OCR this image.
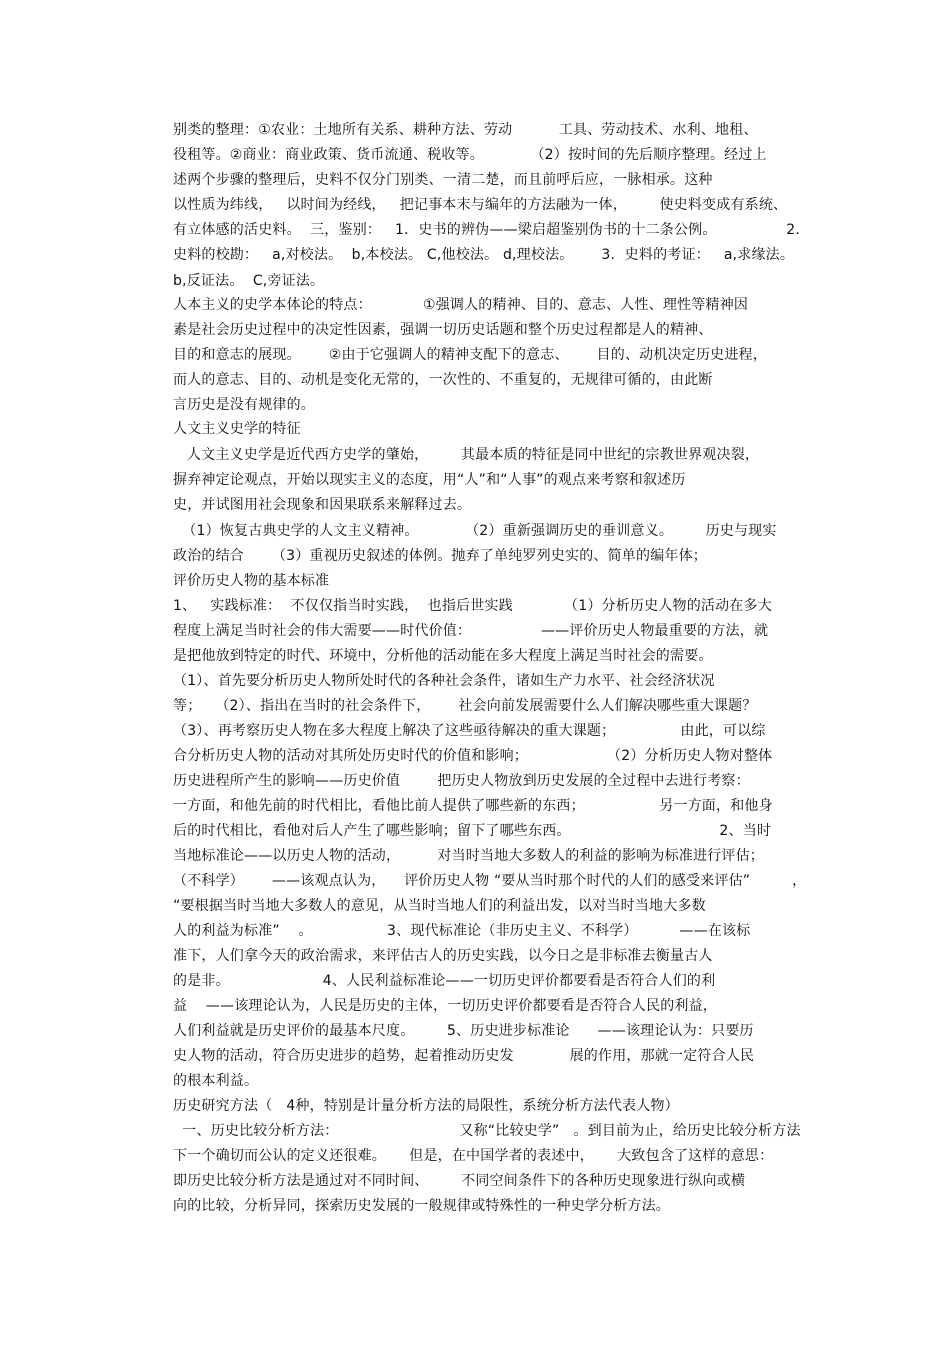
别类的整理：①农业：土地所有关系、耕种方法、劳动          工具、劳动技术、水利、地租、
役租等。②商业：商业政策、货币流通、税收等。          （2）按时间的先后顺序整理。经过上
述两个步骤的整理后，史料不仅分门别类、一清二楚，而且前呼后应，一脉相承。这种
以性质为纬线，   以时间为经线，   把记事本末与编年的方法融为一体，       使史料变成有系统、
有立体感的活史料。  三，鉴别：   1．史书的辨伪——梁启超鉴别伪书的十二条公例。               2．
史料的校勘：   a,对校法。  b,本校法。 C,他校法。 d,理校法。      3．史料的考证：   a,求缘法。
b,反证法。  C,旁证法。
人本主义的史学本体论的特点：           ①强调人的精神、目的、意志、人性、理性等精神因
素是社会历史过程中的决定性因素，强调一切历史话题和整个历史过程都是人的精神、
目的和意志的展现。      ②由于它强调人的精神支配下的意志、      目的、动机决定历史进程，
而人的意志、目的、动机是变化无常的，一次性的、不重复的，无规律可循的，由此断
言历史是没有规律的。
人文主义史学的特征
人文主义史学是近代西方史学的肇始，       其最本质的特征是同中世纪的宗教世界观决裂，
摒弃神定论观点，开始以现实主义的态度，用“人”和“人事”的观点来考察和叙述历
史，并试图用社会现象和因果联系来解释过去。
（1）恢复古典史学的人文主义精神。          （2）重新强调历史的垂训意义。       历史与现实
政治的结合      （3）重视历史叙述的体例。抛弃了单纯罗列史实的、简单的编年体；
评价历史人物的基本标准
1、   实践标准：  不仅仅指当时实践，  也指后世实践           （1）分析历史人物的活动在多大
程度上满足当时社会的伟大需要——时代价值：               ——评价历史人物最重要的方法，就
是把他放到特定的时代、环境中，分析他的活动能在多大程度上满足当时社会的需要。
（1）、首先要分析历史人物所处时代的各种社会条件，诸如生产力水平、社会经济状况
等；   （2）、指出在当时的社会条件下，      社会向前发展需要什么人们解决哪些重大课题？
（3）、再考察历史人物在多大程度上解决了这些亟待解决的重大课题；              由此，可以综
合分析历史人物的活动对其所处历史时代的价值和影响；                 （2）分析历史人物对整体
历史进程所产生的影响——历史价值        把历史人物放到历史发展的全过程中去进行考察：
一方面，和他先前的时代相比，看他比前人提供了哪些新的东西；                另一方面，和他身
后的时代相比，看他对后人产生了哪些影响；留下了哪些东西。                                2、当时
当地标准论——以历史人物的活动，        对当时当地大多数人的利益的影响为标准进行评估；
（不科学）      ——该观点认为，    评价历史人物 “要从当时那个时代的人们的感受来评估”         ，
“要根据当时当地大多数人的意见，从当时当地人们的利益出发，以对当时当地大多数
人的利益为标准”    。                3、现代标准论（非历史主义、不科学）         ——在该标
准下，人们拿今天的政治需求，来评估古人的历史实践，以今日之是非标准去衡量古人
的是非。                    4、人民利益标准论——一切历史评价都要看是否符合人们的利
益    ——该理论认为，人民是历史的主体，一切历史评价都要看是否符合人民的利益，
人们利益就是历史评价的最基本尺度。       5、历史进步标准论      ——该理论认为：只要历
史人物的活动，符合历史进步的趋势，起着推动历史发            展的作用，那就一定符合人民
的根本利益。
历史研究方法（   4种，特别是计量分析方法的局限性，系统分析方法代表人物）
一、历史比较分析方法：                          又称“比较史学”   。到目前为止，给历史比较分析方法
下一个确切而公认的定义还很难。     但是，在中国学者的表述中，     大致包含了这样的意思：
即历史比较分析方法是通过对不同时间、       不同空间条件下的各种历史现象进行纵向或横
向的比较，分析异同，探索历史发展的一般规律或特殊性的一种史学分析方法。
